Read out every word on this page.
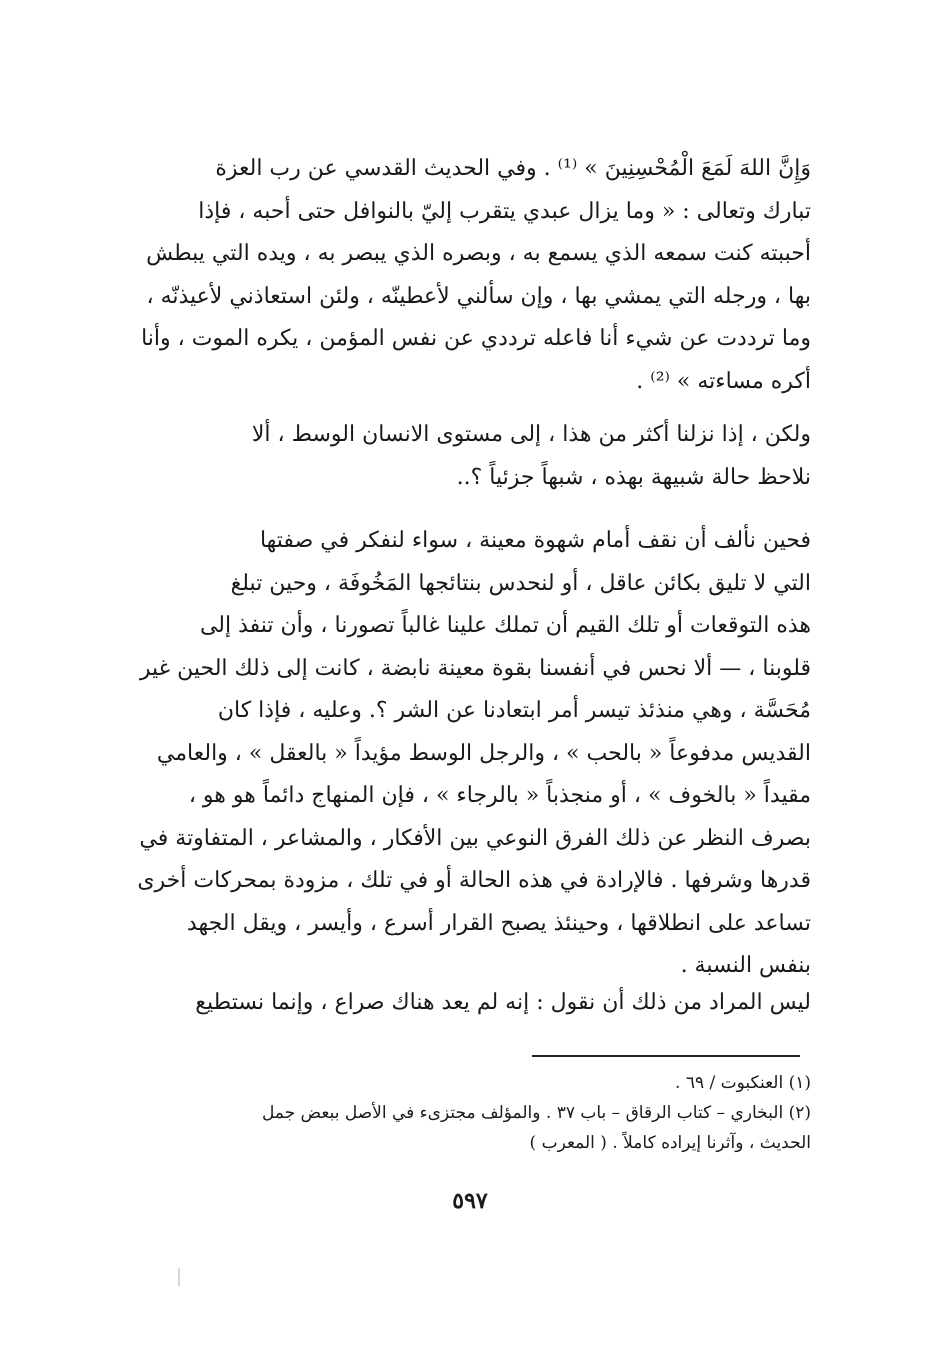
وَإِنَّ اللهَ لَمَعَ الْمُحْسِنِينَ » ⁽¹⁾ . وفي الحديث القدسي عن رب العزة
تبارك وتعالى : « وما يزال عبدي يتقرب إليّ بالنوافل حتى أحبه ، فإذا
أحببته كنت سمعه الذي يسمع به ، وبصره الذي يبصر به ، ويده التي يبطش
بها ، ورجله التي يمشي بها ، وإن سألني لأعطينّه ، ولئن استعاذني لأعيذنّه ،
وما ترددت عن شيء أنا فاعله ترددي عن نفس المؤمن ، يكره الموت ، وأنا
أكره مساءته » ⁽²⁾ .

ولكن ، إذا نزلنا أكثر من هذا ، إلى مستوى الانسان الوسط ، ألا
نلاحظ حالة شبيهة بهذه ، شبهاً جزئياً ؟..

فحين نألف أن نقف أمام شهوة معينة ، سواء لنفكر في صفتها
التي لا تليق بكائن عاقل ، أو لنحدس بنتائجها المَخُوفَة ، وحين تبلغ
هذه التوقعات أو تلك القيم أن تملك علينا غالباً تصورنا ، وأن تنفذ إلى
قلوبنا ، — ألا نحس في أنفسنا بقوة معينة نابضة ، كانت إلى ذلك الحين غير
مُحَسَّة ، وهي منذئذ تيسر أمر ابتعادنا عن الشر ؟. وعليه ، فإذا كان
القديس مدفوعاً « بالحب » ، والرجل الوسط مؤيداً « بالعقل » ، والعامي
مقيداً « بالخوف » ، أو منجذباً « بالرجاء » ، فإن المنهاج دائماً هو هو ،
بصرف النظر عن ذلك الفرق النوعي بين الأفكار ، والمشاعر ، المتفاوتة في
قدرها وشرفها . فالإرادة في هذه الحالة أو في تلك ، مزودة بمحركات أخرى
تساعد على انطلاقها ، وحينئذ يصبح القرار أسرع ، وأيسر ، ويقل الجهد
بنفس النسبة .

ليس المراد من ذلك أن نقول : إنه لم يعد هناك صراع ، وإنما نستطيع

(١) العنكبوت / ٦٩ .
(٢) البخاري – كتاب الرقاق – باب ٣٧ . والمؤلف مجتزىء في الأصل ببعض جمل
الحديث ، وآثرنا إيراده كاملاً . ( المعرب )
٥٩٧
